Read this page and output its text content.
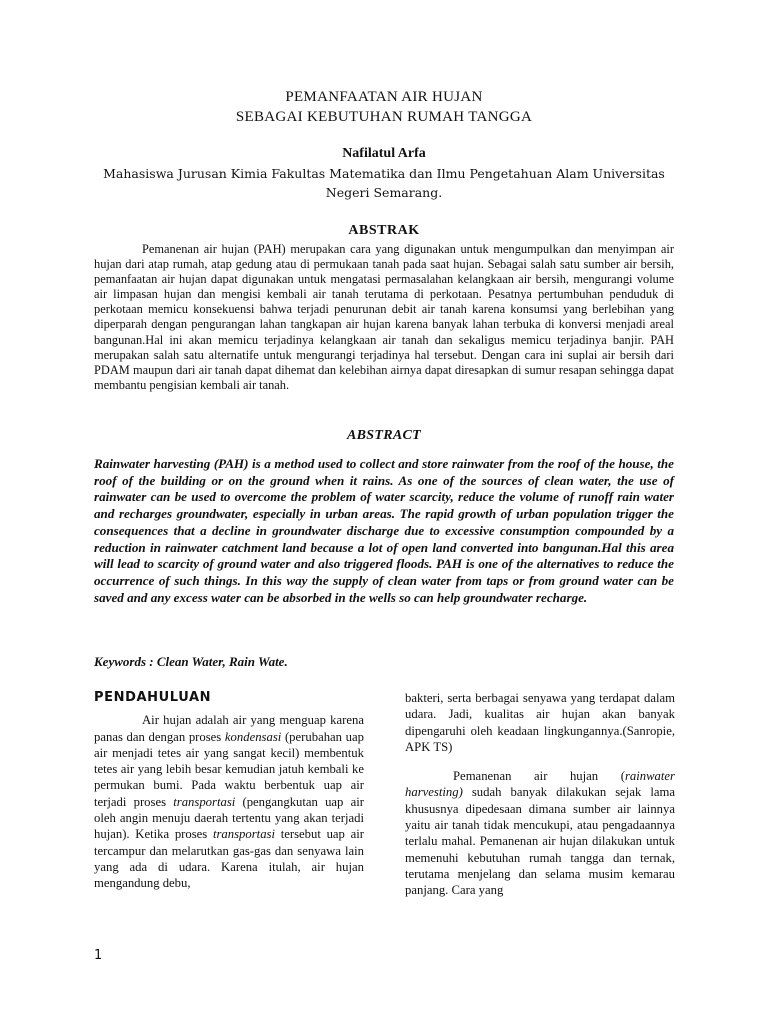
PEMANFAATAN AIR HUJAN
SEBAGAI KEBUTUHAN RUMAH TANGGA
Nafilatul Arfa
Mahasiswa Jurusan Kimia Fakultas Matematika dan Ilmu Pengetahuan Alam Universitas Negeri Semarang.
ABSTRAK
Pemanenan air hujan (PAH) merupakan cara yang digunakan untuk mengumpulkan dan menyimpan air hujan dari atap rumah, atap gedung atau di permukaan tanah pada saat hujan. Sebagai salah satu sumber air bersih, pemanfaatan air hujan dapat digunakan untuk mengatasi permasalahan kelangkaan air bersih, mengurangi volume air limpasan hujan dan mengisi kembali air tanah terutama di perkotaan. Pesatnya pertumbuhan penduduk di perkotaan memicu konsekuensi bahwa terjadi penurunan debit air tanah karena konsumsi yang berlebihan yang diperparah dengan pengurangan lahan tangkapan air hujan karena banyak lahan terbuka di konversi menjadi areal bangunan.Hal ini akan memicu terjadinya kelangkaan air tanah dan sekaligus memicu terjadinya banjir. PAH merupakan salah satu alternatife untuk mengurangi terjadinya hal tersebut. Dengan cara ini suplai air bersih dari PDAM maupun dari air tanah dapat dihemat dan kelebihan airnya dapat diresapkan di sumur resapan sehingga dapat membantu pengisian kembali air tanah.
ABSTRACT
Rainwater harvesting (PAH) is a method used to collect and store rainwater from the roof of the house, the roof of the building or on the ground when it rains. As one of the sources of clean water, the use of rainwater can be used to overcome the problem of water scarcity, reduce the volume of runoff rain water and recharges groundwater, especially in urban areas. The rapid growth of urban population trigger the consequences that a decline in groundwater discharge due to excessive consumption compounded by a reduction in rainwater catchment land because a lot of open land converted into bangunan.Hal this area will lead to scarcity of ground water and also triggered floods. PAH is one of the alternatives to reduce the occurrence of such things. In this way the supply of clean water from taps or from ground water can be saved and any excess water can be absorbed in the wells so can help groundwater recharge.
Keywords : Clean Water, Rain Wate.
PENDAHULUAN

Air hujan adalah air yang menguap karena panas dan dengan proses kondensasi (perubahan uap air menjadi tetes air yang sangat kecil) membentuk tetes air yang lebih besar kemudian jatuh kembali ke permukan bumi. Pada waktu berbentuk uap air terjadi proses transportasi (pengangkutan uap air oleh angin menuju daerah tertentu yang akan terjadi hujan). Ketika proses transportasi tersebut uap air tercampur dan melarutkan gas-gas dan senyawa lain yang ada di udara. Karena itulah, air hujan mengandung debu,

bakteri, serta berbagai senyawa yang terdapat dalam udara. Jadi, kualitas air hujan akan banyak dipengaruhi oleh keadaan lingkungannya.(Sanropie, APK TS)

Pemanenan air hujan (rainwater harvesting) sudah banyak dilakukan sejak lama khususnya dipedesaan dimana sumber air lainnya yaitu air tanah tidak mencukupi, atau pengadaannya terlalu mahal. Pemanenan air hujan dilakukan untuk memenuhi kebutuhan rumah tangga dan ternak, terutama menjelang dan selama musim kemarau panjang. Cara yang

1
